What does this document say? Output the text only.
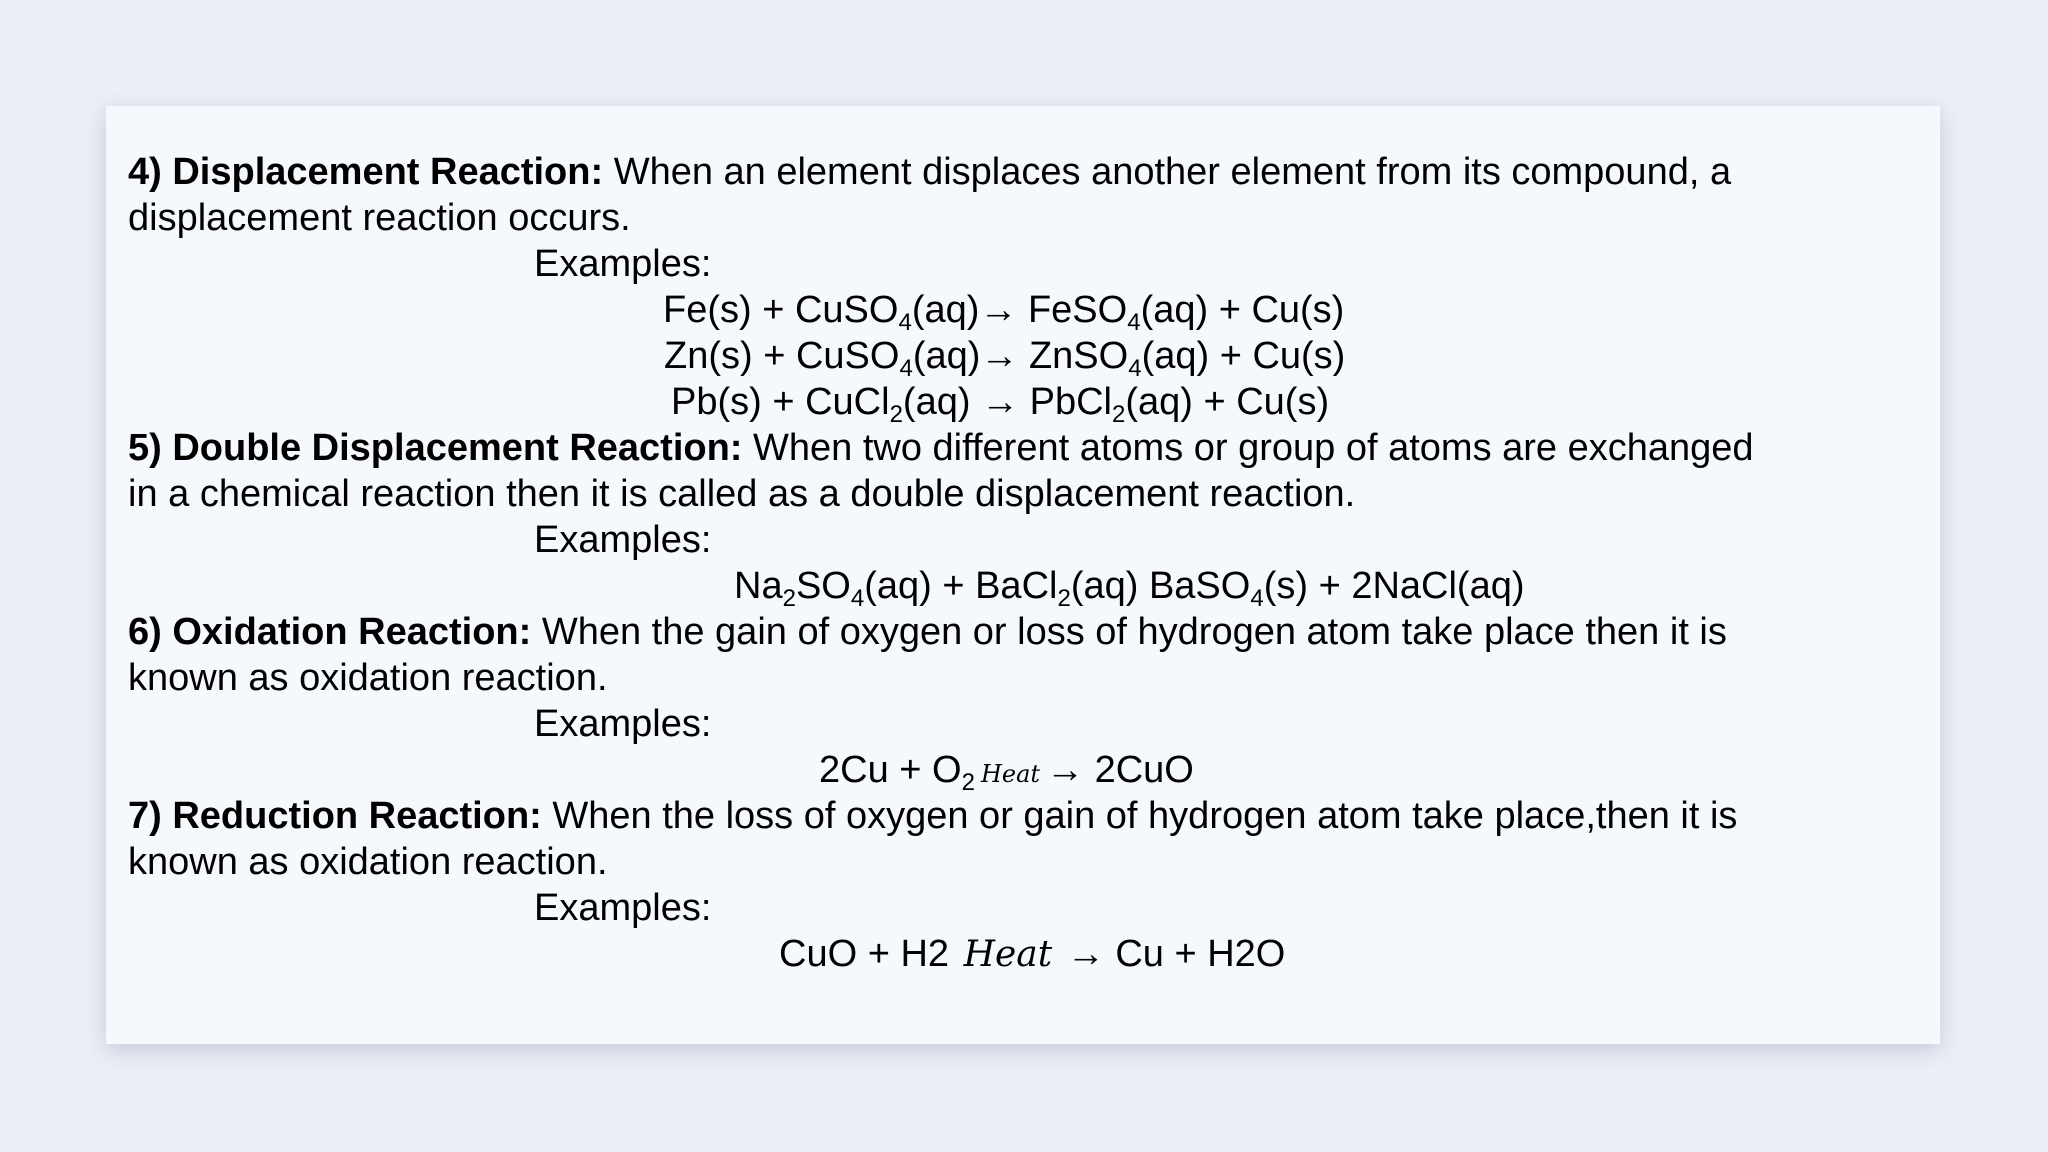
4) Displacement Reaction: When an element displaces another element from its compound, a
displacement reaction occurs.
Examples:
Fe(s) + CuSO$_4$(aq)→ FeSO$_4$(aq) + Cu(s)
Zn(s) + CuSO$_4$(aq)→ ZnSO$_4$(aq) + Cu(s)
Pb(s) + CuCl$_2$(aq) → PbCl$_2$(aq) + Cu(s)
5) Double Displacement Reaction: When two different atoms or group of atoms are exchanged
in a chemical reaction then it is called as a double displacement reaction.
Examples:
$Na_2SO_4(aq)$ + BaCl$_2$(aq) BaSO$_4$(s) + 2NaCl(aq)
6) Oxidation Reaction: When the gain of oxygen or loss of hydrogen atom take place then it is
known as oxidation reaction.
Examples:
$2Cu + O_2$ Heat → 2CuO
7) Reduction Reaction: When the loss of oxygen or gain of hydrogen atom take place,then it is
known as oxidation reaction.
Examples:
CuO + H2 Heat → Cu + H2O
